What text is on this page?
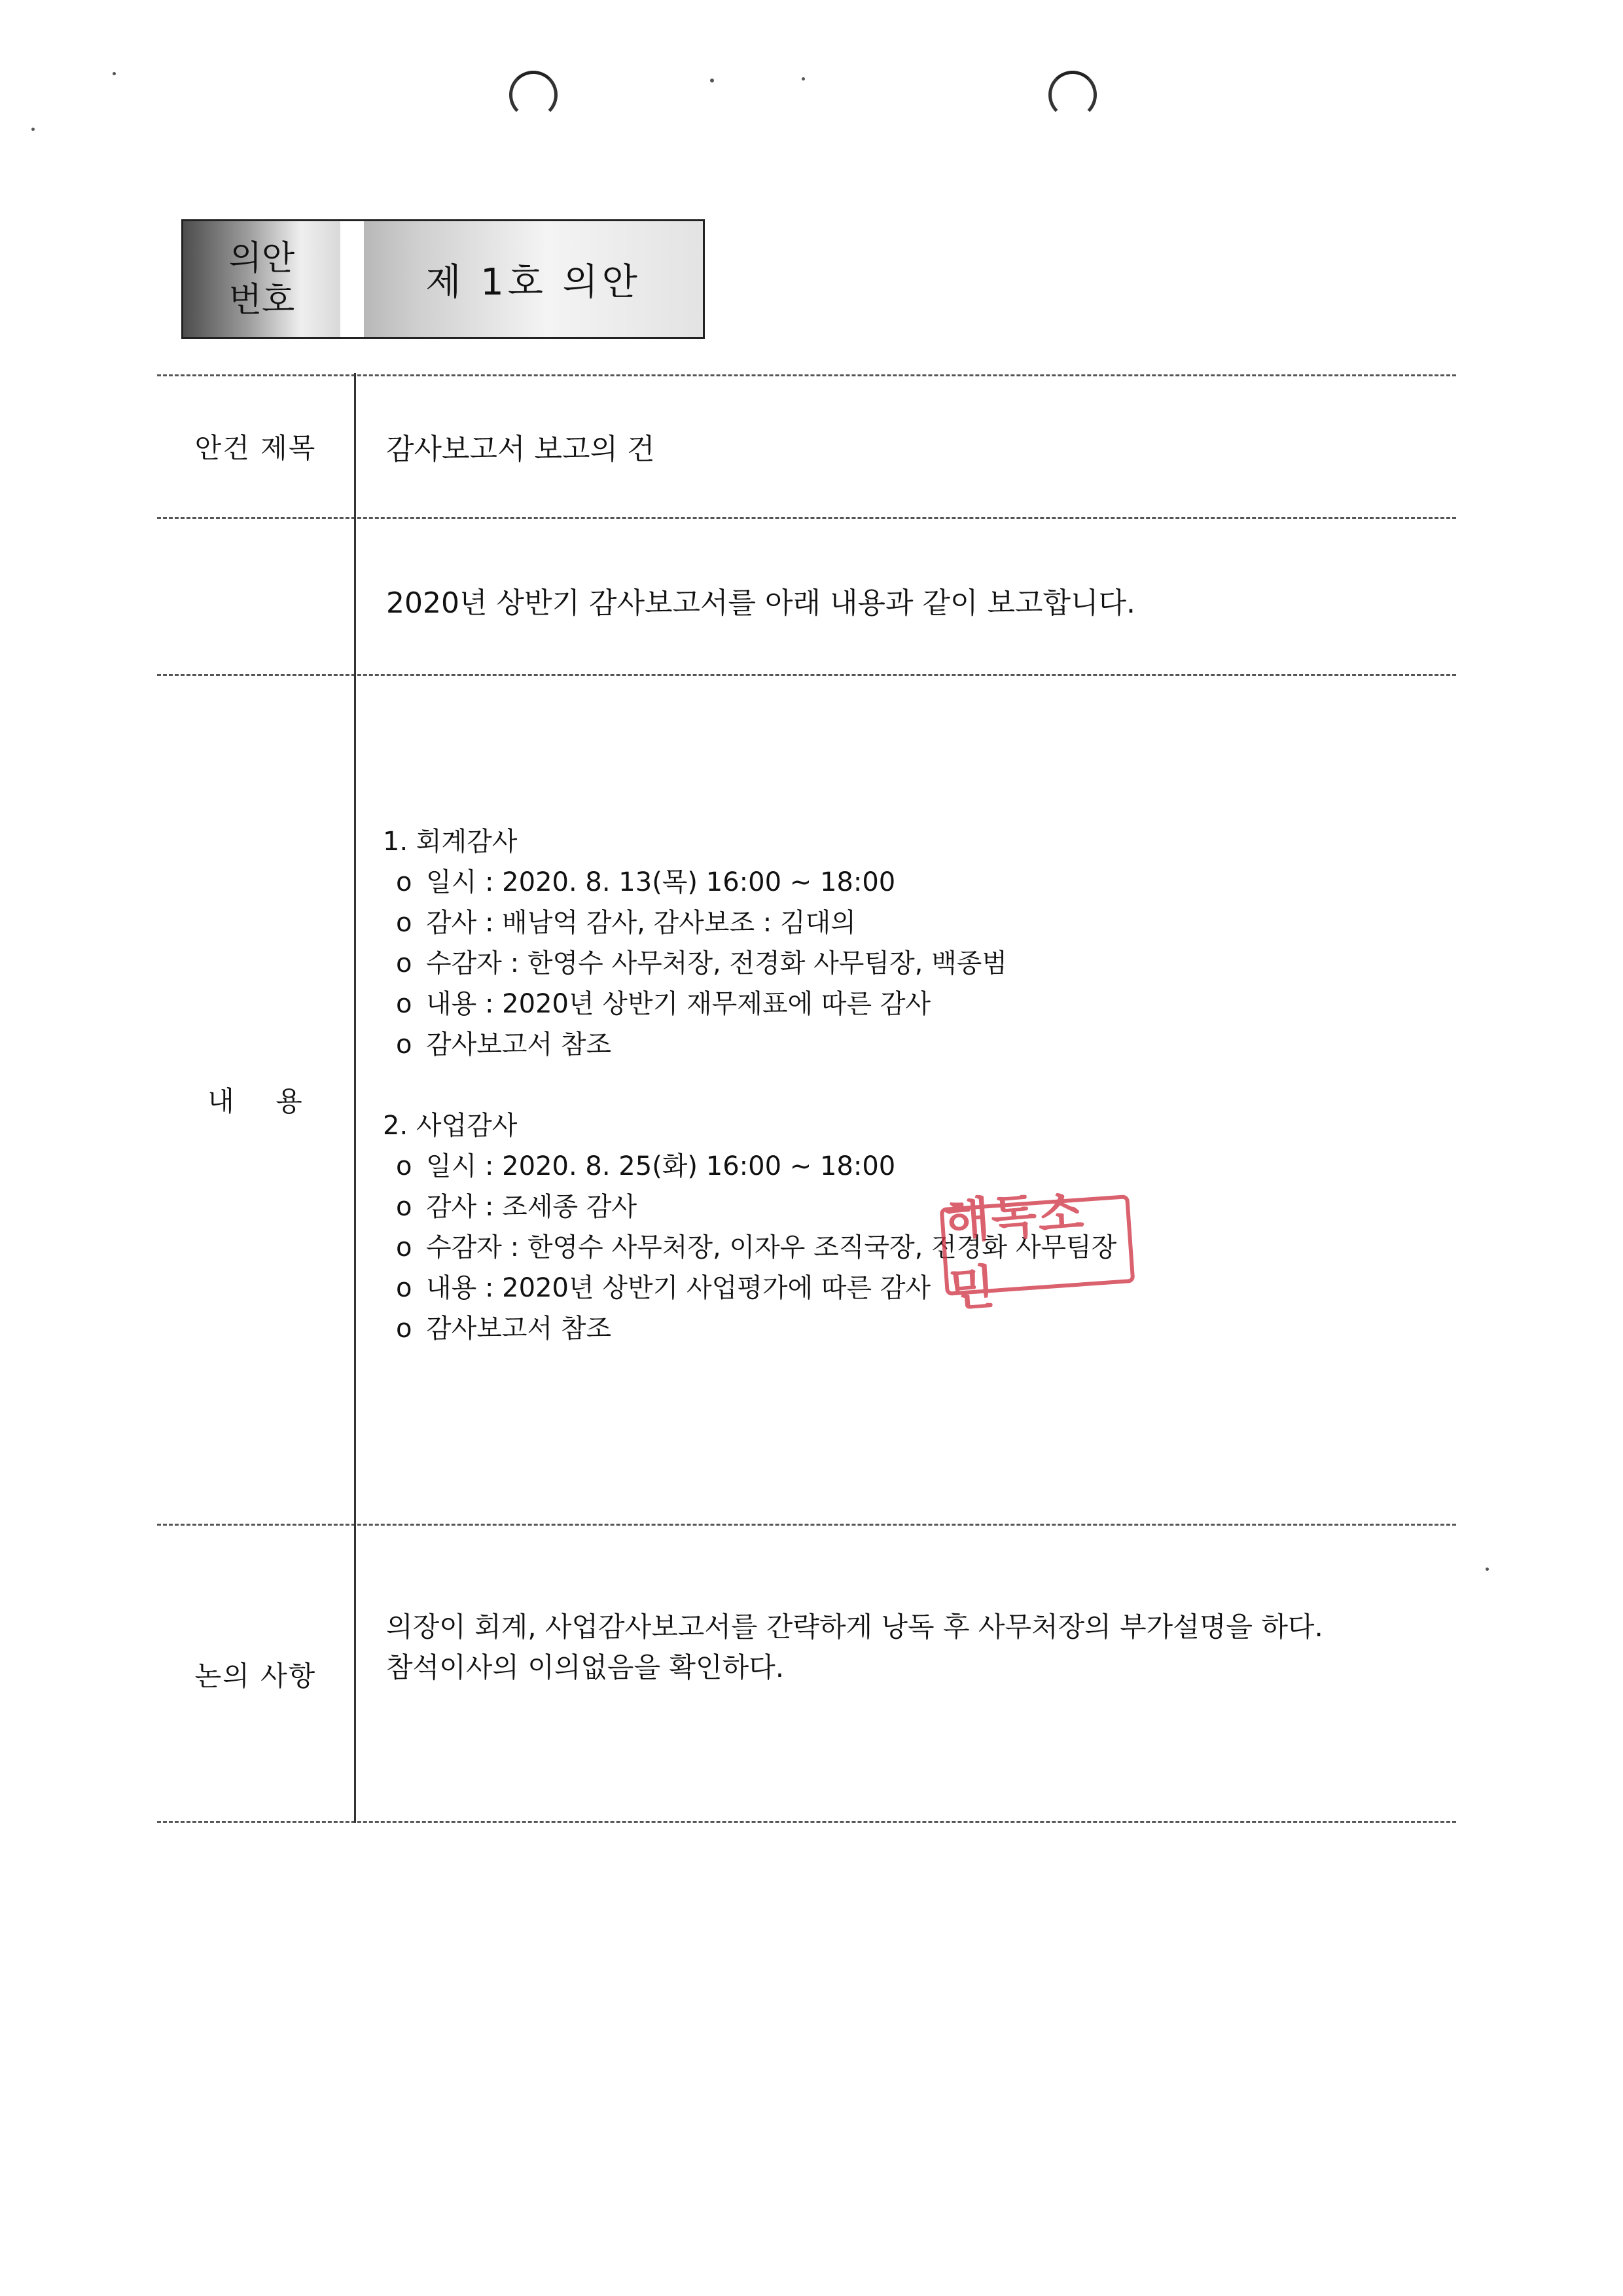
의안
번호	제 1호 의안
안건 제목	감사보고서 보고의 건
2020년 상반기 감사보고서를 아래 내용과 같이 보고합니다.
내    용
1. 회계감사
o 일시 : 2020. 8. 13(목) 16:00 ~ 18:00
o 감사 : 배남억 감사, 감사보조 : 김대의
o 수감자 : 한영수 사무처장, 전경화 사무팀장, 백종범
o 내용 : 2020년 상반기 재무제표에 따른 감사
o 감사보고서 참조
2. 사업감사
o 일시 : 2020. 8. 25(화) 16:00 ~ 18:00
o 감사 : 조세종 감사
o 수감자 : 한영수 사무처장, 이자우 조직국장, 전경화 사무팀장
o 내용 : 2020년 상반기 사업평가에 따른 감사
o 감사보고서 참조
해독소민
논의 사항
의장이 회계, 사업감사보고서를 간략하게 낭독 후 사무처장의 부가설명을 하다.
참석이사의 이의없음을 확인하다.
